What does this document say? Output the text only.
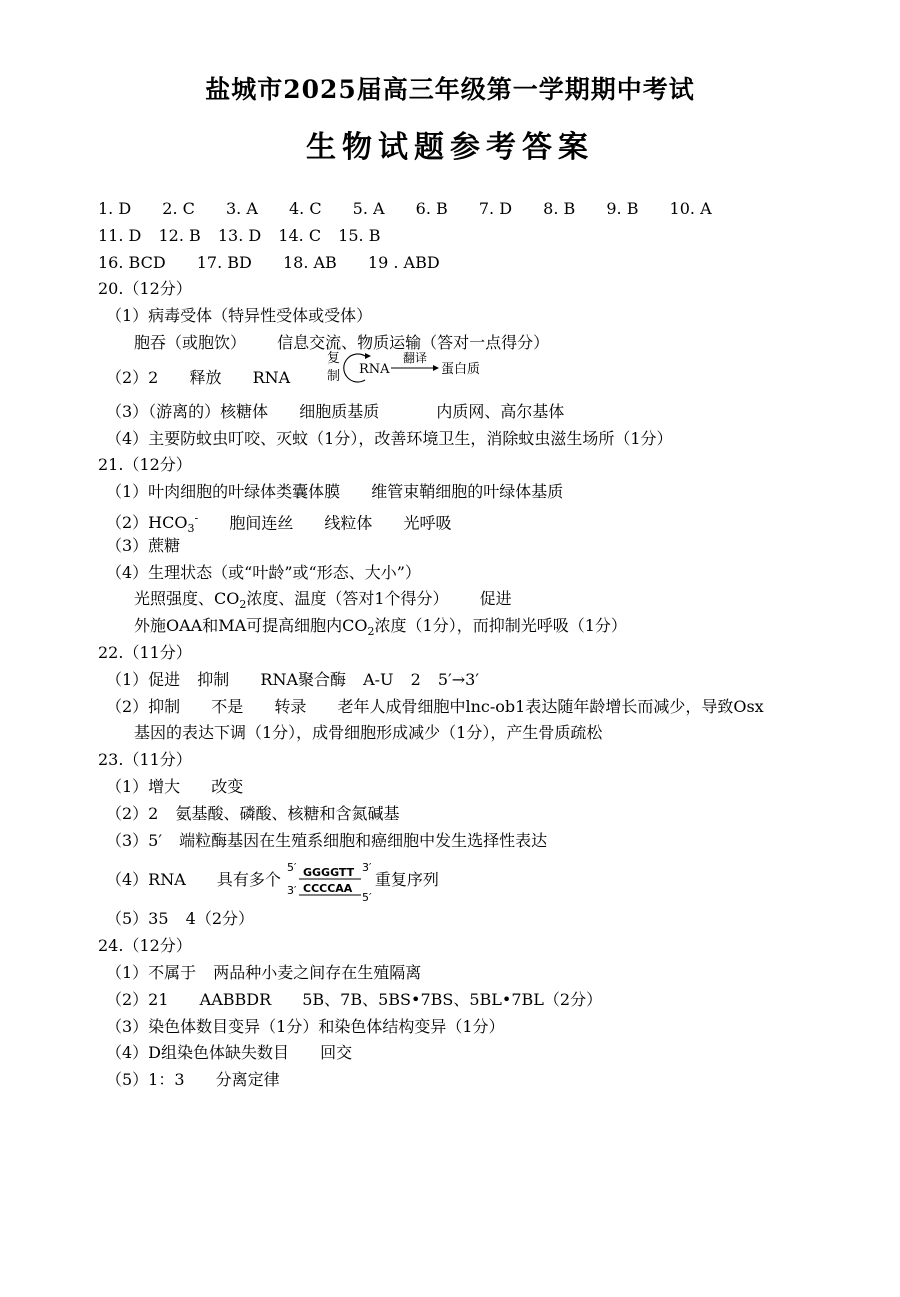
盐城市2025届高三年级第一学期期中考试
生物试题参考答案
1. D 2. C 3. A 4. C 5. A 6. B 7. D 8. B 9. B 10. A
11. D 12. B 13. D 14. C 15. B
16. BCD 17. BD 18. AB 19 . ABD
20.（12分）
（1）病毒受体（特异性受体或受体）
胞吞（或胞饮） 信息交流、物质运输（答对一点得分）
（2）2 释放 RNA
复
制 RNA
翻译
蛋白质
（3）（游离的）核糖体 细胞质基质	内质网、高尔基体
（4）主要防蚊虫叮咬、灭蚊（1分），改善环境卫生，消除蚊虫滋生场所（1分）
21.（12分）
（1）叶肉细胞的叶绿体类囊体膜 维管束鞘细胞的叶绿体基质
$(2)HCO_3^-$ 胞间连丝 线粒体 光呼吸
（3）蔗糖
（4）生理状态（或“叶龄”或“形态、大小”）
光照强度、$CO_2$浓度、温度（答对1个得分） 促进
外施OAA和MA可提高细胞内$CO_2$浓度（1分），而抑制光呼吸（1分）
22.（11分）
（1）促进 抑制 RNA聚合酶 A-U 2 5′→3′
（2）抑制 不是 转录 老年人成骨细胞中lnc-ob1表达随年龄增长而减少，导致Osx
基因的表达下调（1分），成骨细胞形成减少（1分），产生骨质疏松
23.（11分）
（1）增大 改变
（2）2 氨基酸、磷酸、核糖和含氮碱基
（3）5′ 端粒酶基因在生殖系细胞和癌细胞中发生选择性表达
（4）RNA 具有多个
5′ GGGGTT 3′
3′ CCCCAA
5′
重复序列
（5）35 4（2分）
24.（12分）
（1）不属于 两品种小麦之间存在生殖隔离
（2）21 AABBDR 5B、7B、5BS•7BS、5BL•7BL（2分）
（3）染色体数目变异（1分）和染色体结构变异（1分）
（4）D组染色体缺失数目 回交
（5）1：3 分离定律
